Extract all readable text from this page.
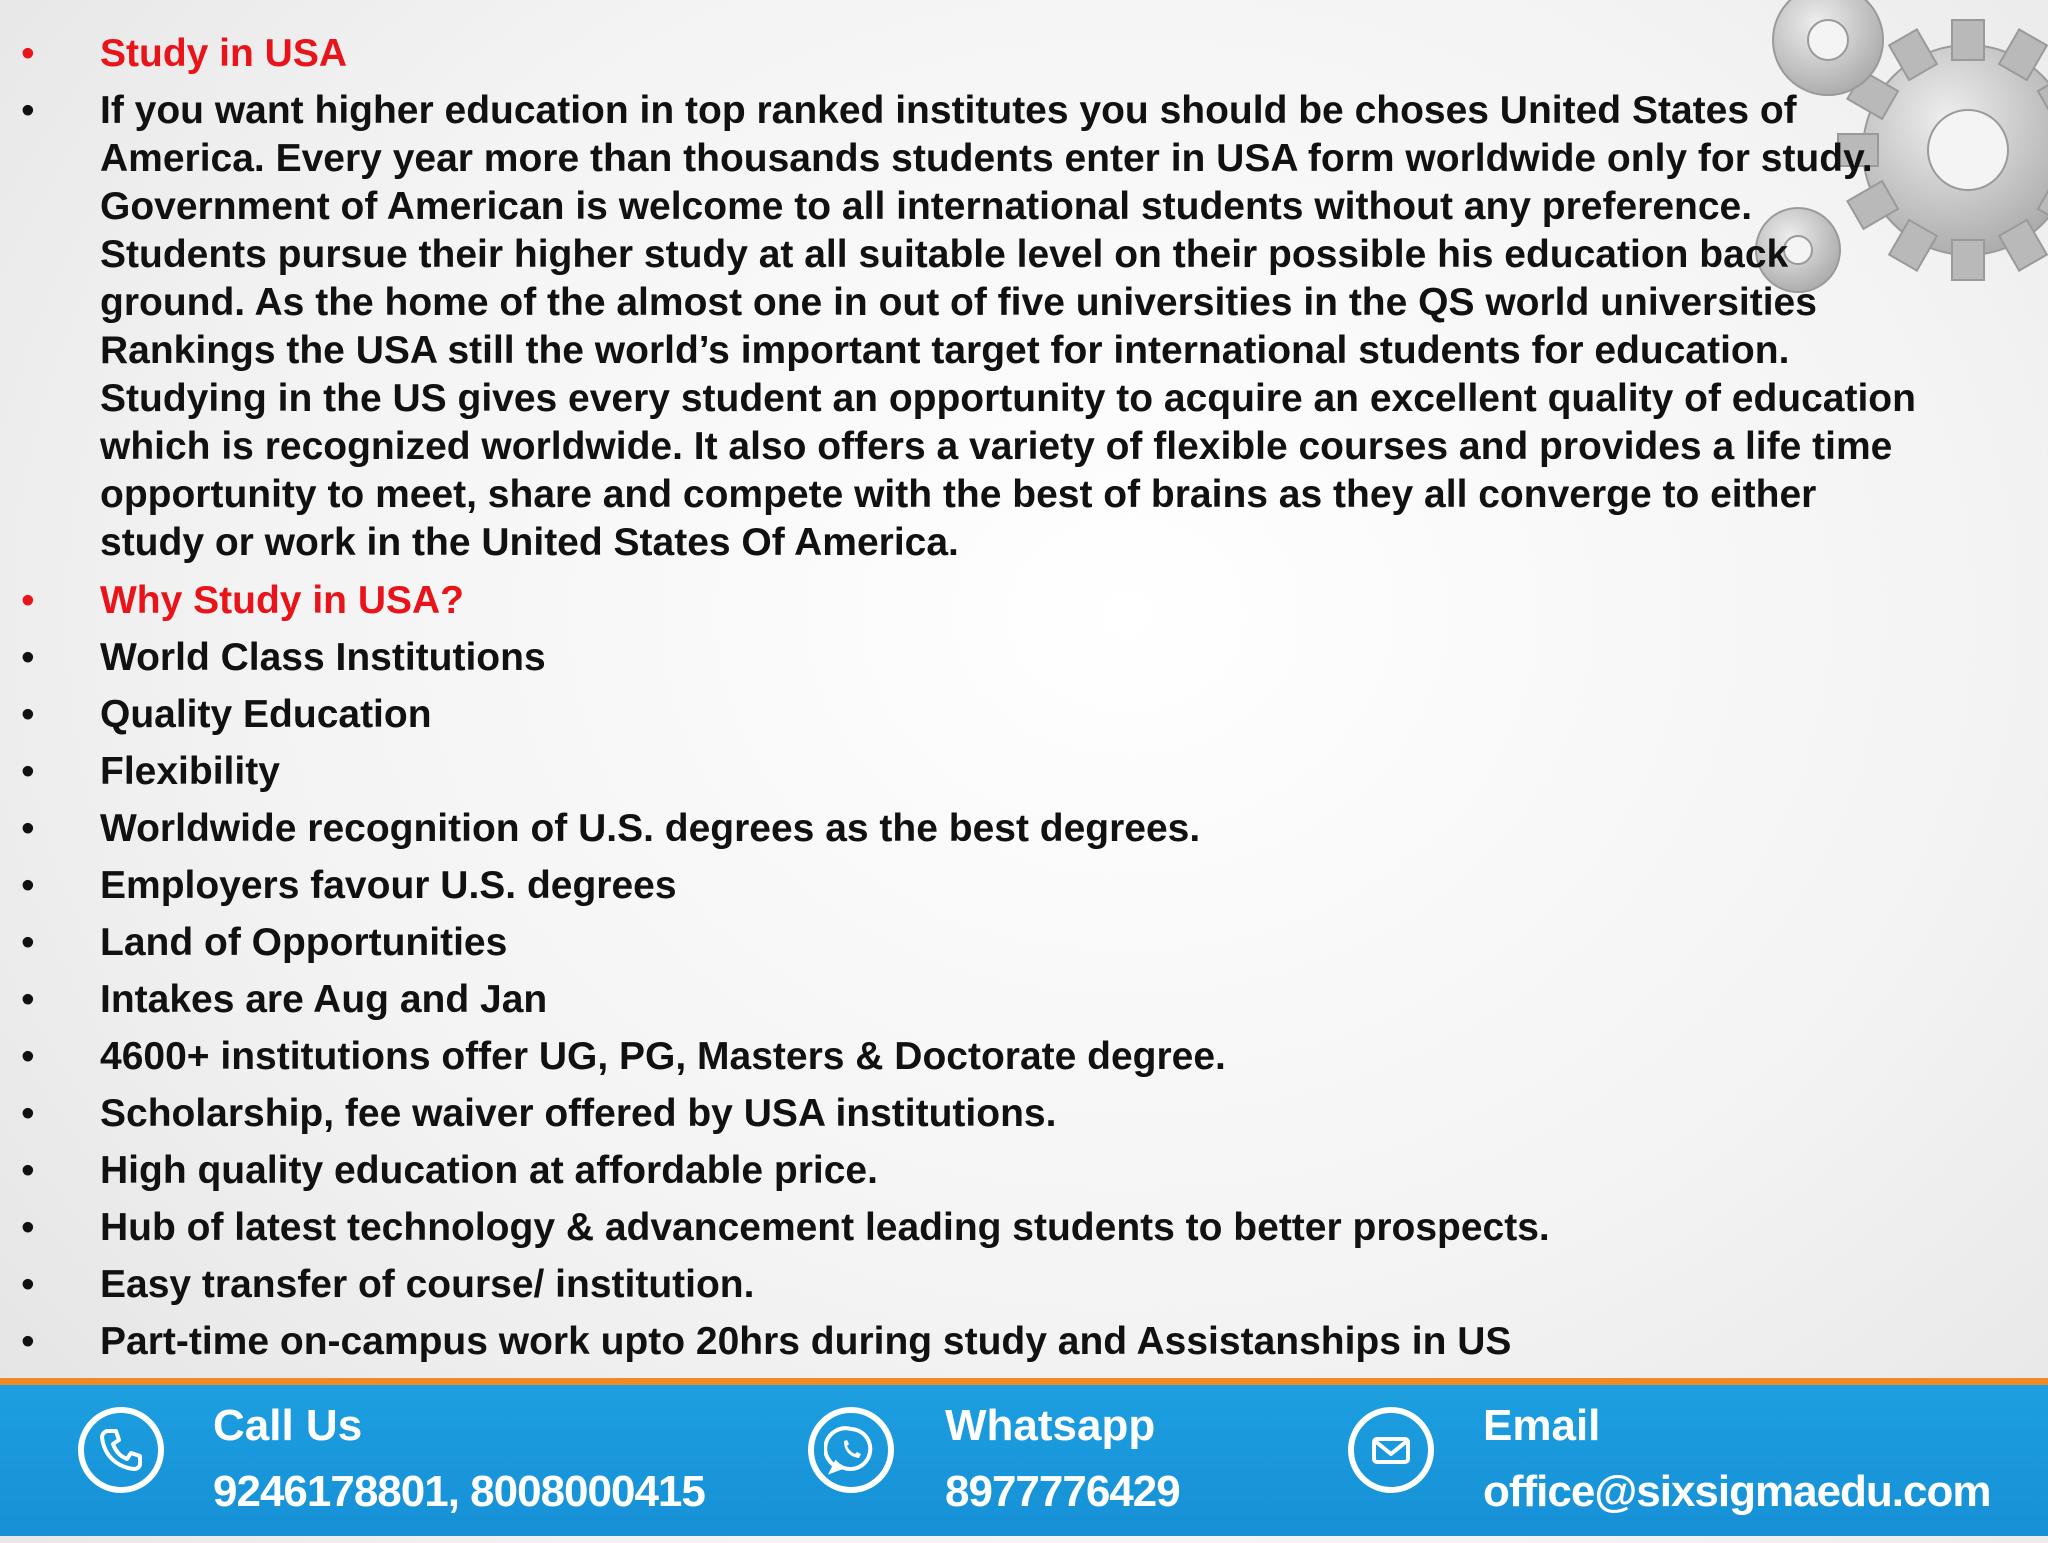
• Study in USA
• If you want higher education in top ranked institutes you should be choses United States of America. Every year more than thousands students enter in USA form worldwide only for study. Government of American is welcome to all international students without any preference. Students pursue their higher study at all suitable level on their possible his education back ground. As the home of the almost one in out of five universities in the QS world universities Rankings the USA still the world’s important target for international students for education. Studying in the US gives every student an opportunity to acquire an excellent quality of education which is recognized worldwide. It also offers a variety of flexible courses and provides a life time opportunity to meet, share and compete with the best of brains as they all converge to either study or work in the United States Of America.
• Why Study in USA?
• World Class Institutions
• Quality Education
• Flexibility
• Worldwide recognition of U.S. degrees as the best degrees.
• Employers favour U.S. degrees
• Land of Opportunities
• Intakes are Aug and Jan
• 4600+ institutions offer UG, PG, Masters & Doctorate degree.
• Scholarship, fee waiver offered by USA institutions.
• High quality education at affordable price.
• Hub of latest technology & advancement leading students to better prospects.
• Easy transfer of course/ institution.
• Part-time on-campus work upto 20hrs during study and Assistanships in US
Call Us
9246178801, 8008000415
Whatsapp
8977776429
Email
office@sixsigmaedu.com
